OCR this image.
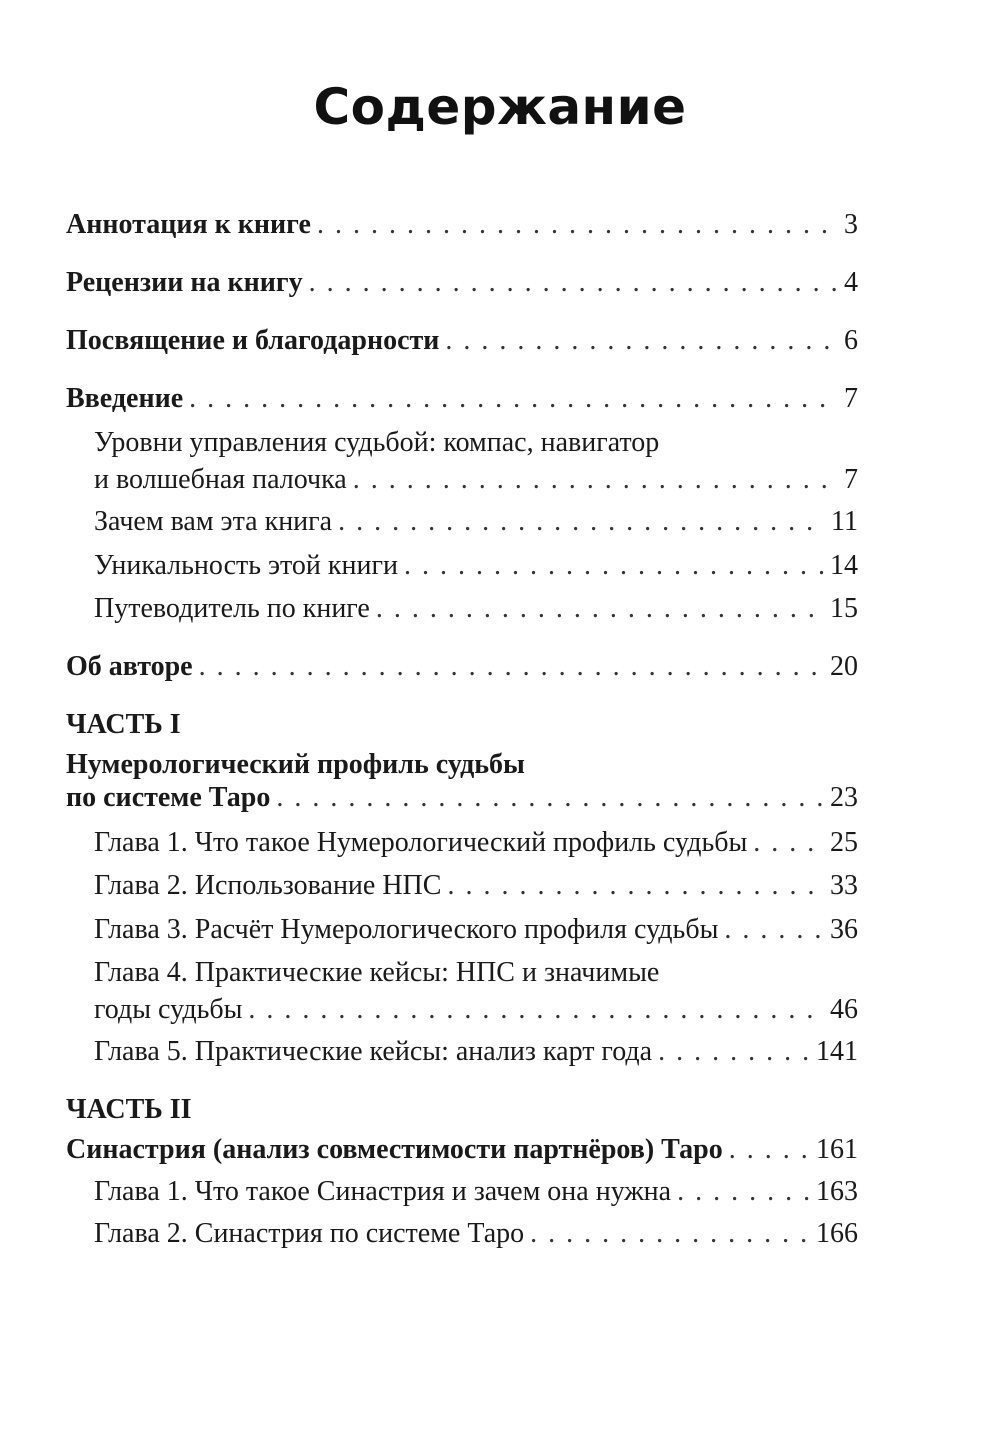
Содержание
Аннотация к книге . . .	3
Рецензии на книгу . . .	4
Посвящение и благодарности . . .	6
Введение . . .	7
Уровни управления судьбой: компас, навигатор
и волшебная палочка . . .	7
Зачем вам эта книга . . .	11
Уникальность этой книги . . .	14
Путеводитель по книге . . .	15
Об авторе . . .	20
ЧАСТЬ I
Нумерологический профиль судьбы
по системе Таро . . .	23
Глава 1. Что такое Нумерологический профиль судьбы . . .	25
Глава 2. Использование НПС . . .	33
Глава 3. Расчёт Нумерологического профиля судьбы . . .	36
Глава 4. Практические кейсы: НПС и значимые
годы судьбы . . .	46
Глава 5. Практические кейсы: анализ карт года . . .	141
ЧАСТЬ II
Синастрия (анализ совместимости партнёров) Таро . . .	161
Глава 1. Что такое Синастрия и зачем она нужна . . .	163
Глава 2. Синастрия по системе Таро . . .	166
